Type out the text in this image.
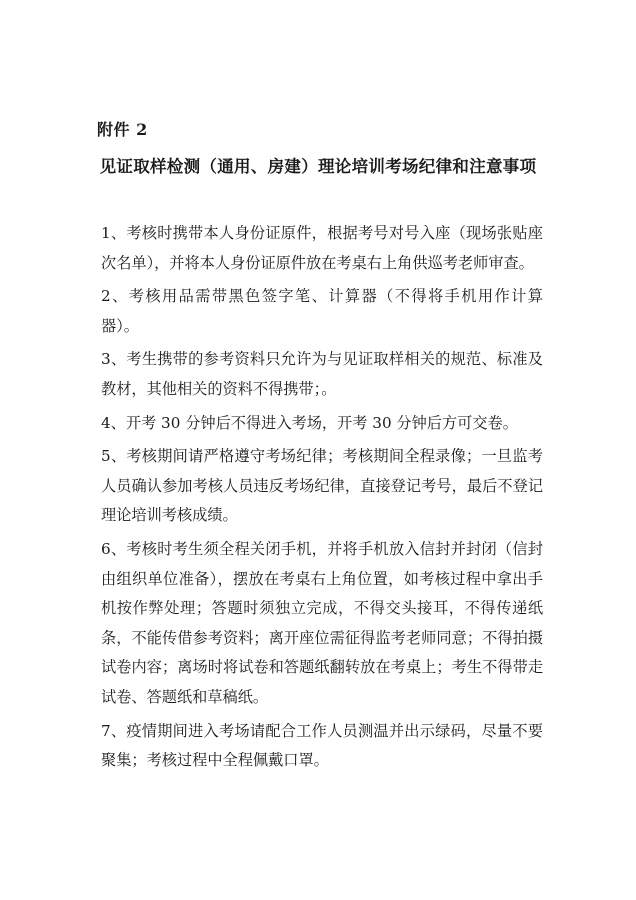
附件 2
见证取样检测（通用、房建）理论培训考场纪律和注意事项

1、考核时携带本人身份证原件，根据考号对号入座（现场张贴座次名单），并将本人身份证原件放在考桌右上角供巡考老师审查。

2、考核用品需带黑色签字笔、计算器（不得将手机用作计算器）。

3、考生携带的参考资料只允许为与见证取样相关的规范、标准及教材，其他相关的资料不得携带；。

4、开考 30 分钟后不得进入考场，开考 30 分钟后方可交卷。

5、考核期间请严格遵守考场纪律；考核期间全程录像；一旦监考人员确认参加考核人员违反考场纪律，直接登记考号，最后不登记理论培训考核成绩。

6、考核时考生须全程关闭手机，并将手机放入信封并封闭（信封由组织单位准备），摆放在考桌右上角位置，如考核过程中拿出手机按作弊处理；答题时须独立完成，不得交头接耳，不得传递纸条，不能传借参考资料；离开座位需征得监考老师同意；不得拍摄试卷内容；离场时将试卷和答题纸翻转放在考桌上；考生不得带走试卷、答题纸和草稿纸。

7、疫情期间进入考场请配合工作人员测温并出示绿码，尽量不要聚集；考核过程中全程佩戴口罩。
